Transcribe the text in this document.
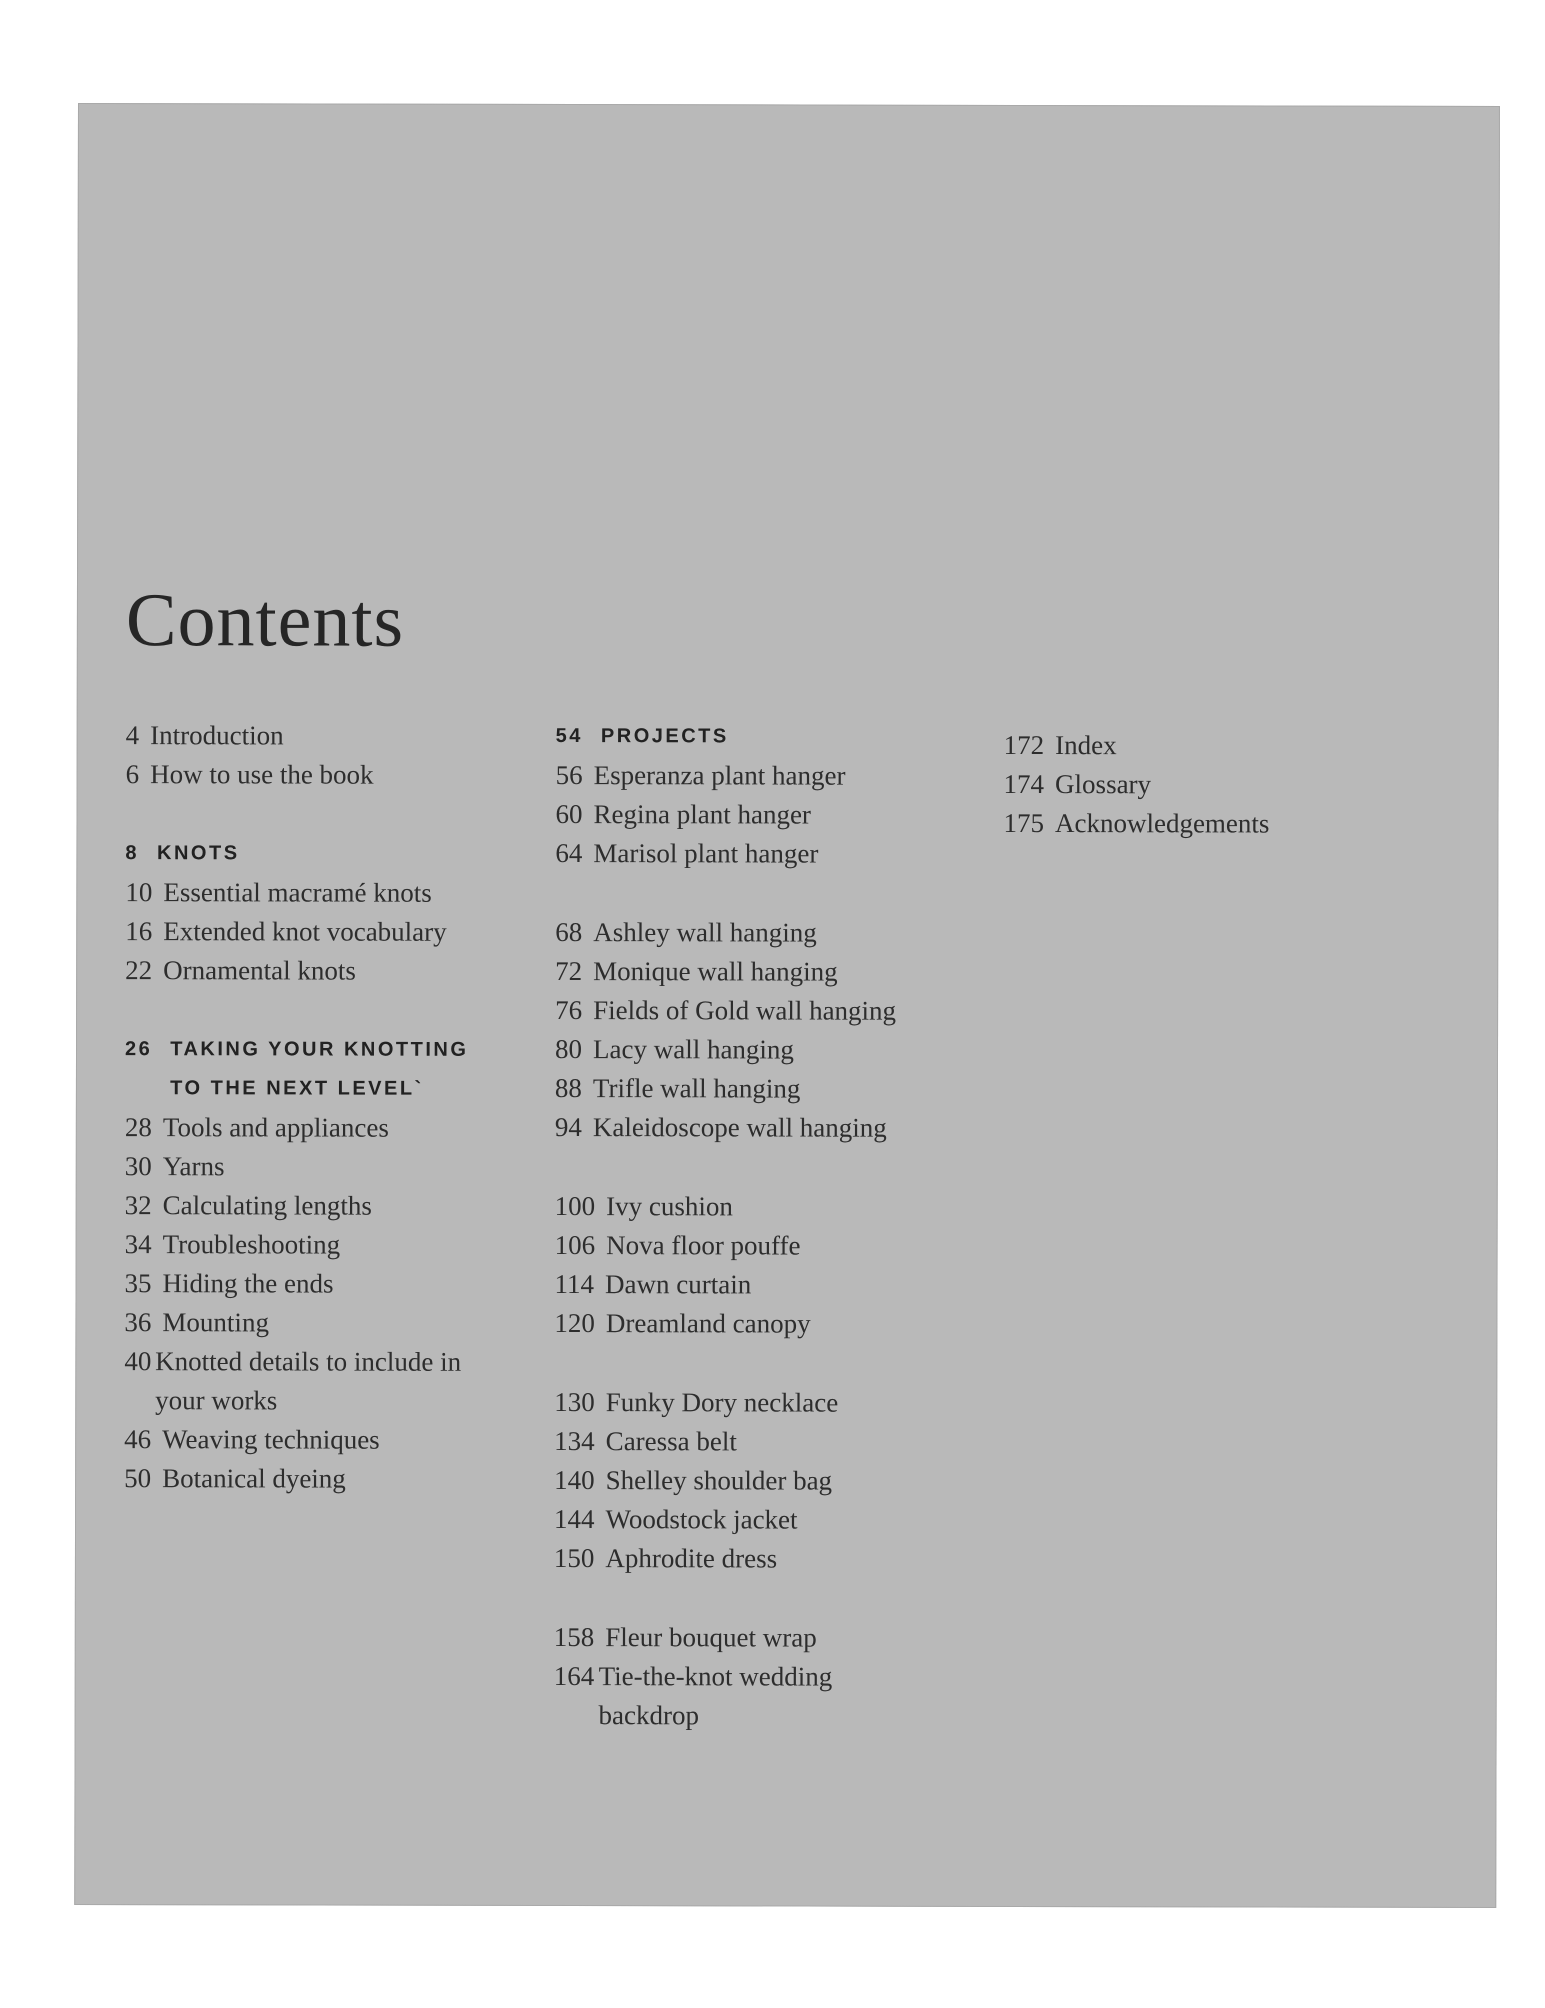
Contents
4 Introduction
6 How to use the book
8 KNOTS
10 Essential macramé knots
16 Extended knot vocabulary
22 Ornamental knots
26 TAKING YOUR KNOTTING TO THE NEXT LEVEL`
28 Tools and appliances
30 Yarns
32 Calculating lengths
34 Troubleshooting
35 Hiding the ends
36 Mounting
40 Knotted details to include in your works
46 Weaving techniques
50 Botanical dyeing
54 PROJECTS
56 Esperanza plant hanger
60 Regina plant hanger
64 Marisol plant hanger
68 Ashley wall hanging
72 Monique wall hanging
76 Fields of Gold wall hanging
80 Lacy wall hanging
88 Trifle wall hanging
94 Kaleidoscope wall hanging
100 Ivy cushion
106 Nova floor pouffe
114 Dawn curtain
120 Dreamland canopy
130 Funky Dory necklace
134 Caressa belt
140 Shelley shoulder bag
144 Woodstock jacket
150 Aphrodite dress
158 Fleur bouquet wrap
164 Tie-the-knot wedding backdrop
172 Index
174 Glossary
175 Acknowledgements
